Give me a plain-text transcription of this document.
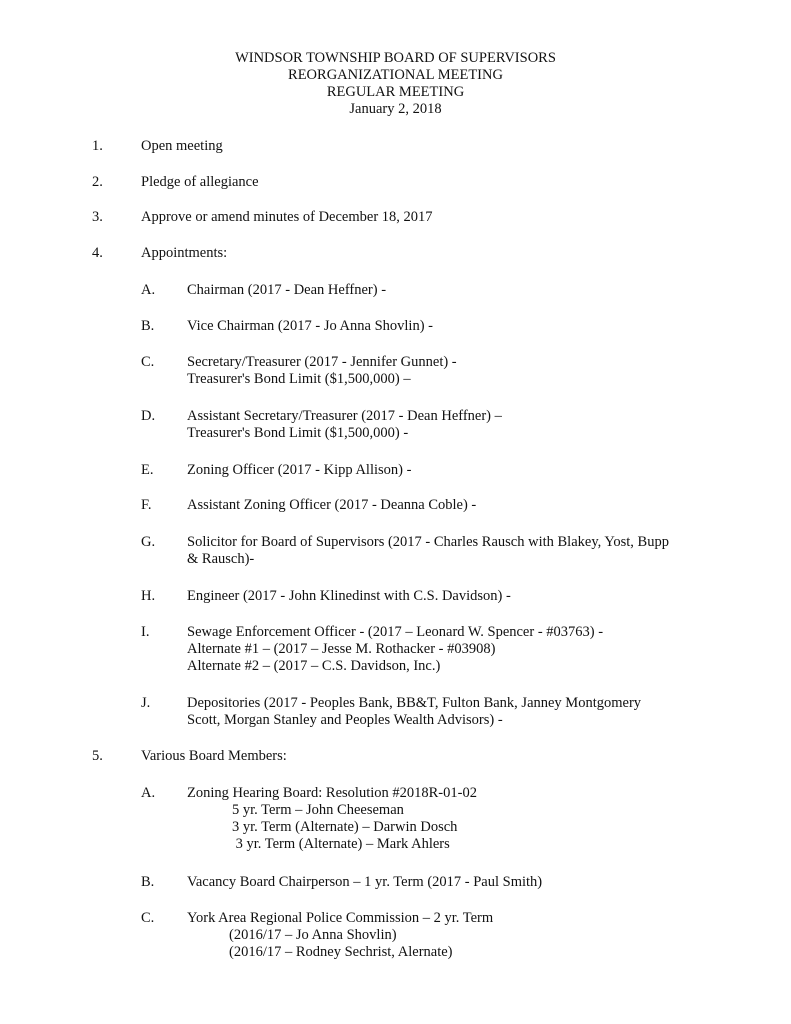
WINDSOR TOWNSHIP BOARD OF SUPERVISORS
REORGANIZATIONAL MEETING
REGULAR MEETING
January 2, 2018
1.	Open meeting
2.	Pledge of allegiance
3.	Approve or amend minutes of December 18, 2017
4.	Appointments:
A. Chairman (2017 - Dean Heffner) -
B. Vice Chairman (2017 - Jo Anna Shovlin) -
C. Secretary/Treasurer (2017 - Jennifer Gunnet) -
Treasurer's Bond Limit ($1,500,000) –
D. Assistant Secretary/Treasurer (2017 - Dean Heffner) –
Treasurer's Bond Limit ($1,500,000) -
E. Zoning Officer (2017 - Kipp Allison) -
F. Assistant Zoning Officer (2017 - Deanna Coble) -
G. Solicitor for Board of Supervisors (2017 - Charles Rausch with Blakey, Yost, Bupp
& Rausch)-
H. Engineer (2017 - John Klinedinst with C.S. Davidson) -
I.	Sewage Enforcement Officer - (2017 – Leonard W. Spencer - #03763) -
Alternate #1 – (2017 – Jesse M. Rothacker - #03908)
Alternate #2 – (2017 – C.S. Davidson, Inc.)
J.	Depositories (2017 - Peoples Bank, BB&T, Fulton Bank, Janney Montgomery
Scott, Morgan Stanley and Peoples Wealth Advisors) -
5.	Various Board Members:
A. Zoning Hearing Board: Resolution #2018R-01-02
5 yr. Term – John Cheeseman
3 yr. Term (Alternate) – Darwin Dosch
3 yr. Term (Alternate) – Mark Ahlers
B. Vacancy Board Chairperson – 1 yr. Term (2017 - Paul Smith)
C. York Area Regional Police Commission – 2 yr. Term
(2016/17 – Jo Anna Shovlin)
(2016/17 – Rodney Sechrist, Alernate)
